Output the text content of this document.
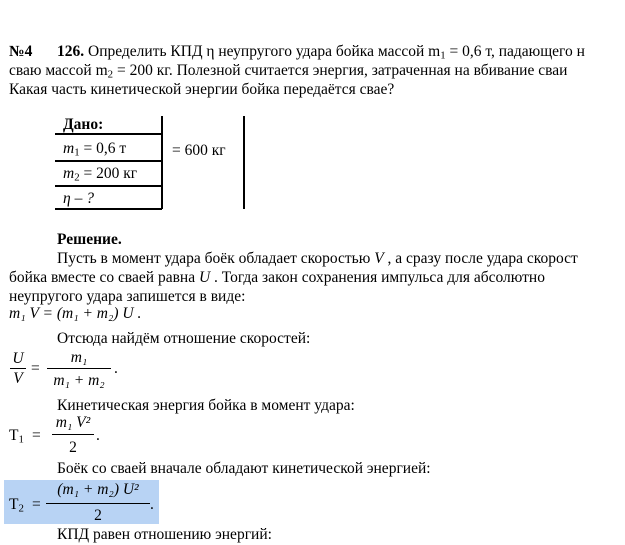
№4 126. Определить КПД η неупругого удара бойка массой $m_1 = 0,6$ т, падающего н
сваю массой $m_2 = 200$ кг. Полезной считается энергия, затраченная на вбивание сваи
Какая часть кинетической энергии бойка передаётся свае?
Дано:
$m_1 = 0,6$ т
$m_2 = 200$ кг
η – ?
= 600 кг
Решение.
Пусть в момент удара боёк обладает скоростью V , а сразу после удара скорост
бойка вместе со сваей равна U . Тогда закон сохранения импульса для абсолютно
неупругого удара запишется в виде:
m₁ V = (m₁ + m₂) U .
Отсюда найдём отношение скоростей:
U
V
=
m₁
m₁ + m₂
.
Кинетическая энергия бойка в момент удара:
$T_1$ =
m₁ V²
2
.
Боёк со сваей вначале обладают кинетической энергией:
$T_2$ =
(m₁ + m₂) U²
2
.
КПД равен отношению энергий:
